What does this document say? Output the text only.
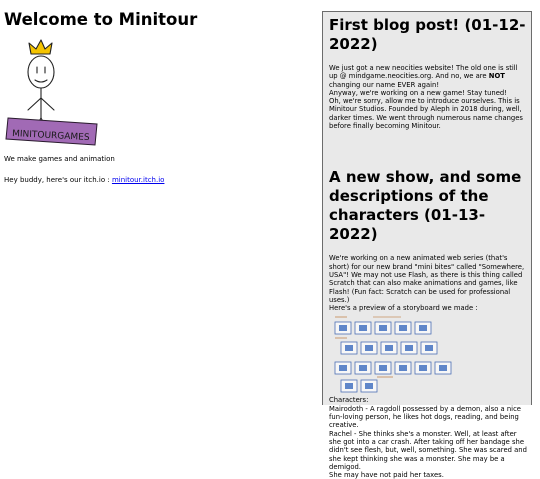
Welcome to Minitour
MINITOURGAMES

We make games and animation

Hey buddy, here's our itch.io : minitour.itch.io

First blog post! (01-12-2022)

We just got a new neocities website! The old one is still up @ mindgame.neocities.org. And no, we are NOT changing our name EVER again!

Anyway, we're working on a new game! Stay tuned!

Oh, we're sorry, allow me to introduce ourselves. This is Minitour Studios. Founded by Aleph in 2018 during, well, darker times. We went through numerous name changes before finally becoming Minitour.

A new show, and some descriptions of the characters (01-13-2022)

We're working on a new animated web series (that's short) for our new brand "mini bites" called "Somewhere, USA"! We may not use Flash, as there is this thing called Scratch that can also make animations and games, like Flash! (Fun fact: Scratch can be used for professional uses.)

Here's a preview of a storyboard we made :

Characters:

Mairodoth - A ragdoll possessed by a demon, also a nice fun-loving person, he likes hot dogs, reading, and being creative.

Rachel - She thinks she's a monster. Well, at least after she got into a car crash. After taking off her bandage she didn't see flesh, but, well, something. She was scared and she kept thinking she was a monster. She may be a demigod.

She may have not paid her taxes.
